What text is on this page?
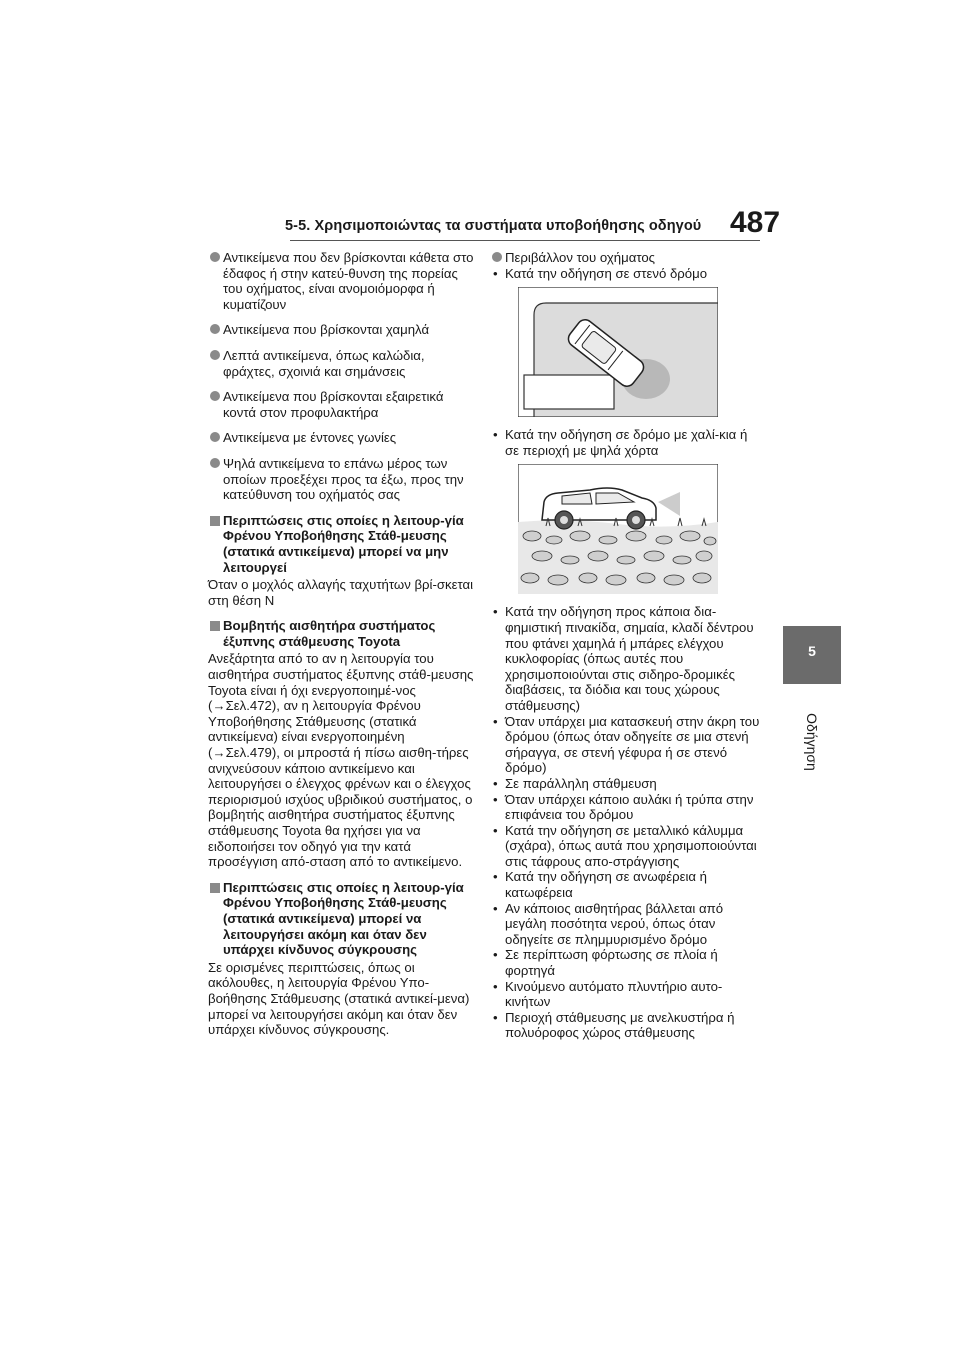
5-5. Χρησιμοποιώντας τα συστήματα υποβοήθησης οδηγού 487
5
Οδήγηση
Αντικείμενα που δεν βρίσκονται κάθετα στο έδαφος ή στην κατεύ-θυνση της πορείας του οχήματος, είναι ανομοιόμορφα ή κυματίζουν
Αντικείμενα που βρίσκονται χαμηλά
Λεπτά αντικείμενα, όπως καλώδια, φράχτες, σχοινιά και σημάνσεις
Αντικείμενα που βρίσκονται εξαιρετικά κοντά στον προφυλακτήρα
Αντικείμενα με έντονες γωνίες
Ψηλά αντικείμενα το επάνω μέρος των οποίων προεξέχει προς τα έξω, προς την κατεύθυνση του οχήματός σας
Περιπτώσεις στις οποίες η λειτουρ-γία Φρένου Υποβοήθησης Στάθ-μευσης (στατικά αντικείμενα) μπορεί να μην λειτουργεί
Όταν ο μοχλός αλλαγής ταχυτήτων βρί-σκεται στη θέση N
Βομβητής αισθητήρα συστήματος έξυπνης στάθμευσης Toyota
Ανεξάρτητα από το αν η λειτουργία του αισθητήρα συστήματος έξυπνης στάθ-μευσης Toyota είναι ή όχι ενεργοποιημέ-νος (→Σελ.472), αν η λειτουργία Φρένου Υποβοήθησης Στάθμευσης (στατικά αντικείμενα) είναι ενεργοποιημένη (→Σελ.479), οι μπροστά ή πίσω αισθη-τήρες ανιχνεύσουν κάποιο αντικείμενο και λειτουργήσει ο έλεγχος φρένων και ο έλεγχος περιορισμού ισχύος υβριδικού συστήματος, ο βομβητής αισθητήρα συστήματος έξυπνης στάθμευσης Toyota θα ηχήσει για να ειδοποιήσει τον οδηγό για την κατά προσέγγιση από-σταση από το αντικείμενο.
Περιπτώσεις στις οποίες η λειτουρ-γία Φρένου Υποβοήθησης Στάθ-μευσης (στατικά αντικείμενα) μπορεί να λειτουργήσει ακόμη και όταν δεν υπάρχει κίνδυνος σύγκρουσης
Σε ορισμένες περιπτώσεις, όπως οι ακόλουθες, η λειτουργία Φρένου Υπο-βοήθησης Στάθμευσης (στατικά αντικεί-μενα) μπορεί να λειτουργήσει ακόμη και όταν δεν υπάρχει κίνδυνος σύγκρουσης.
Περιβάλλον του οχήματος
• Κατά την οδήγηση σε στενό δρόμο
• Κατά την οδήγηση σε δρόμο με χαλί-κια ή σε περιοχή με ψηλά χόρτα
• Κατά την οδήγηση προς κάποια δια-φημιστική πινακίδα, σημαία, κλαδί δέντρου που φτάνει χαμηλά ή μπάρες ελέγχου κυκλοφορίας (όπως αυτές που χρησιμοποιούνται στις σιδηρο-δρομικές διαβάσεις, τα διόδια και τους χώρους στάθμευσης)
• Όταν υπάρχει μια κατασκευή στην άκρη του δρόμου (όπως όταν οδηγείτε σε μια στενή σήραγγα, σε στενή γέφυρα ή σε στενό δρόμο)
• Σε παράλληλη στάθμευση
• Όταν υπάρχει κάποιο αυλάκι ή τρύπα στην επιφάνεια του δρόμου
• Κατά την οδήγηση σε μεταλλικό κάλυμμα (σχάρα), όπως αυτά που χρησιμοποιούνται στις τάφρους απο-στράγγισης
• Κατά την οδήγηση σε ανωφέρεια ή κατωφέρεια
• Αν κάποιος αισθητήρας βάλλεται από μεγάλη ποσότητα νερού, όπως όταν οδηγείτε σε πλημμυρισμένο δρόμο
• Σε περίπτωση φόρτωσης σε πλοία ή φορτηγά
• Κινούμενο αυτόματο πλυντήριο αυτο-κινήτων
• Περιοχή στάθμευσης με ανελκυστήρα ή πολυόροφος χώρος στάθμευσης
